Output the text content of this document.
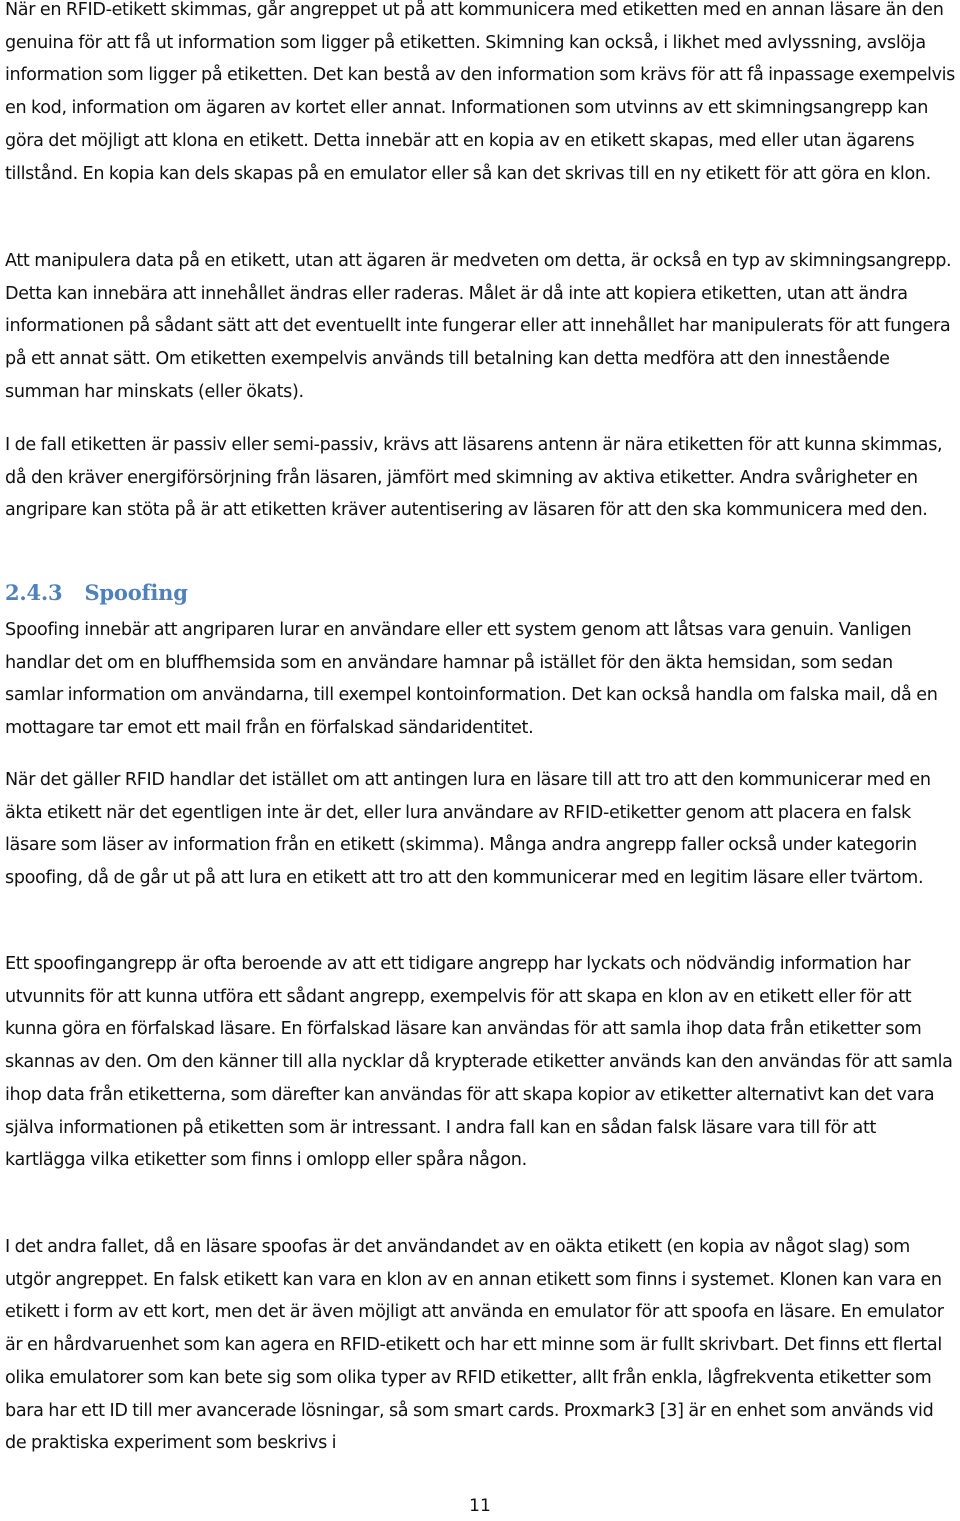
När en RFID-etikett skimmas, går angreppet ut på att kommunicera med etiketten med en annan läsare än den genuina för att få ut information som ligger på etiketten. Skimning kan också, i likhet med avlyssning, avslöja information som ligger på etiketten. Det kan bestå av den information som krävs för att få inpassage exempelvis en kod, information om ägaren av kortet eller annat. Informationen som utvinns av ett skimningsangrepp kan göra det möjligt att klona en etikett. Detta innebär att en kopia av en etikett skapas, med eller utan ägarens tillstånd. En kopia kan dels skapas på en emulator eller så kan det skrivas till en ny etikett för att göra en klon.

Att manipulera data på en etikett, utan att ägaren är medveten om detta, är också en typ av skimningsangrepp. Detta kan innebära att innehållet ändras eller raderas. Målet är då inte att kopiera etiketten, utan att ändra informationen på sådant sätt att det eventuellt inte fungerar eller att innehållet har manipulerats för att fungera på ett annat sätt. Om etiketten exempelvis används till betalning kan detta medföra att den innestående summan har minskats (eller ökats).

I de fall etiketten är passiv eller semi-passiv, krävs att läsarens antenn är nära etiketten för att kunna skimmas, då den kräver energiförsörjning från läsaren, jämfört med skimning av aktiva etiketter. Andra svårigheter en angripare kan stöta på är att etiketten kräver autentisering av läsaren för att den ska kommunicera med den.

2.4.3 Spoofing

Spoofing innebär att angriparen lurar en användare eller ett system genom att låtsas vara genuin. Vanligen handlar det om en bluffhemsida som en användare hamnar på istället för den äkta hemsidan, som sedan samlar information om användarna, till exempel kontoinformation. Det kan också handla om falska mail, då en mottagare tar emot ett mail från en förfalskad sändaridentitet.

När det gäller RFID handlar det istället om att antingen lura en läsare till att tro att den kommunicerar med en äkta etikett när det egentligen inte är det, eller lura användare av RFID-etiketter genom att placera en falsk läsare som läser av information från en etikett (skimma). Många andra angrepp faller också under kategorin spoofing, då de går ut på att lura en etikett att tro att den kommunicerar med en legitim läsare eller tvärtom.

Ett spoofingangrepp är ofta beroende av att ett tidigare angrepp har lyckats och nödvändig information har utvunnits för att kunna utföra ett sådant angrepp, exempelvis för att skapa en klon av en etikett eller för att kunna göra en förfalskad läsare. En förfalskad läsare kan användas för att samla ihop data från etiketter som skannas av den. Om den känner till alla nycklar då krypterade etiketter används kan den användas för att samla ihop data från etiketterna, som därefter kan användas för att skapa kopior av etiketter alternativt kan det vara själva informationen på etiketten som är intressant. I andra fall kan en sådan falsk läsare vara till för att kartlägga vilka etiketter som finns i omlopp eller spåra någon.

I det andra fallet, då en läsare spoofas är det användandet av en oäkta etikett (en kopia av något slag) som utgör angreppet. En falsk etikett kan vara en klon av en annan etikett som finns i systemet. Klonen kan vara en etikett i form av ett kort, men det är även möjligt att använda en emulator för att spoofa en läsare. En emulator är en hårdvaruenhet som kan agera en RFID-etikett och har ett minne som är fullt skrivbart. Det finns ett flertal olika emulatorer som kan bete sig som olika typer av RFID etiketter, allt från enkla, lågfrekventa etiketter som bara har ett ID till mer avancerade lösningar, så som smart cards. Proxmark3 [3] är en enhet som används vid de praktiska experiment som beskrivs i

11
